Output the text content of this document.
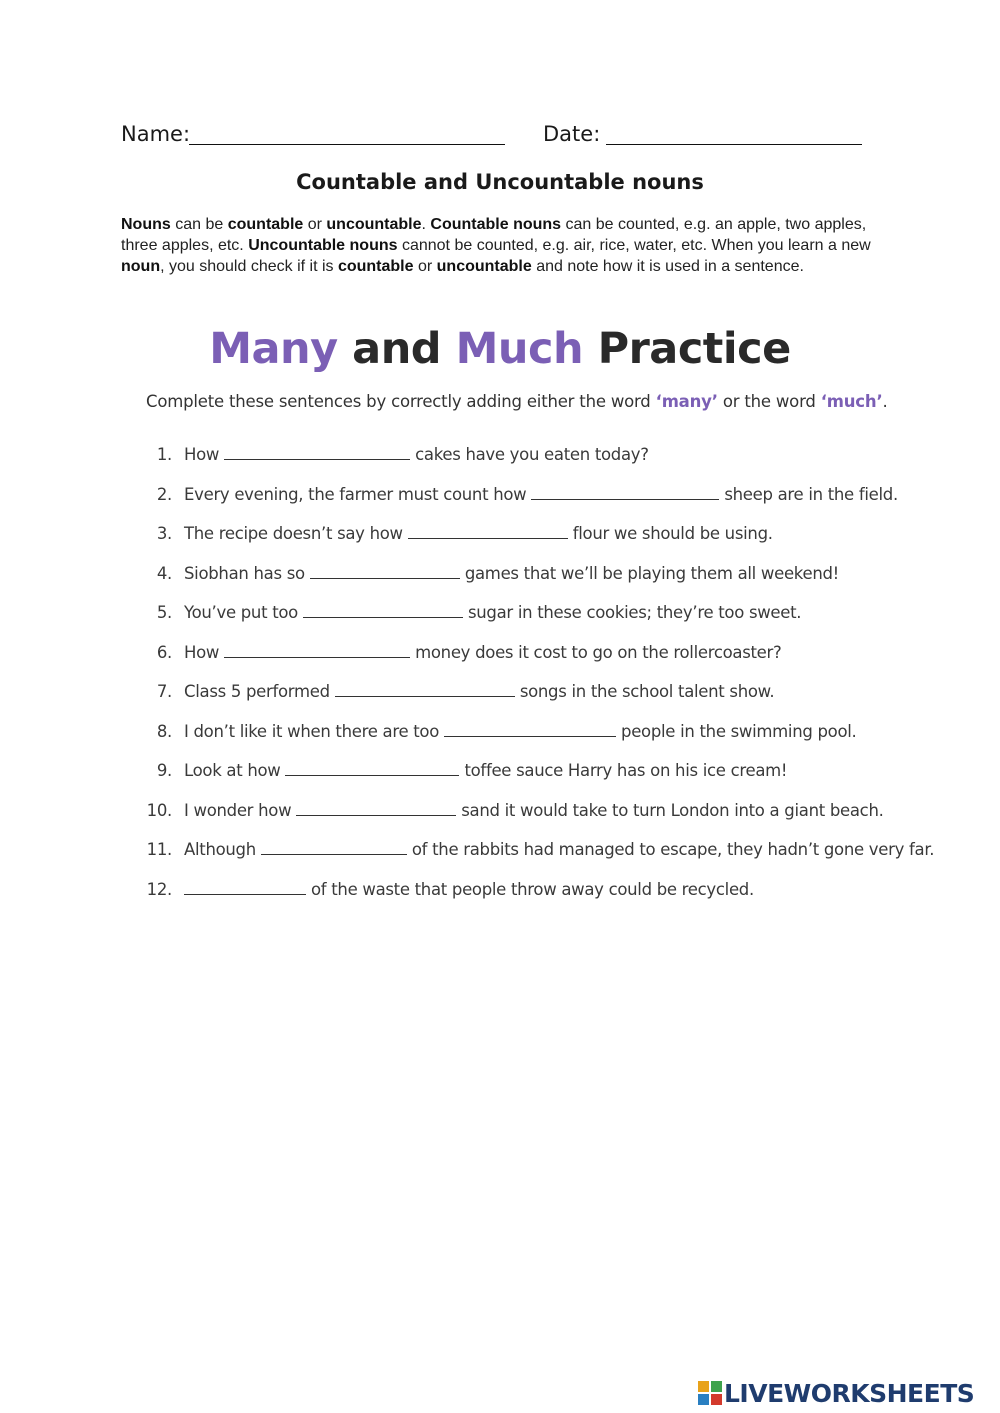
Name:	Date:
Countable and Uncountable nouns
Nouns can be countable or uncountable. Countable nouns can be counted, e.g. an apple, two apples, three apples, etc. Uncountable nouns cannot be counted, e.g. air, rice, water, etc. When you learn a new noun, you should check if it is countable or uncountable and note how it is used in a sentence.
Many and Much Practice
Complete these sentences by correctly adding either the word ‘many’ or the word ‘much’.
1. How	cakes have you eaten today?
2. Every evening, the farmer must count how	sheep are in the field.
3. The recipe doesn’t say how	flour we should be using.
4. Siobhan has so	games that we’ll be playing them all weekend!
5. You’ve put too	sugar in these cookies; they’re too sweet.
6. How	money does it cost to go on the rollercoaster?
7. Class 5 performed	songs in the school talent show.
8. I don’t like it when there are too	people in the swimming pool.
9. Look at how	toffee sauce Harry has on his ice cream!
10. I wonder how	sand it would take to turn London into a giant beach.
11. Although	of the rabbits had managed to escape, they hadn’t gone very far.
12.	of the waste that people throw away could be recycled.
LIVEWORKSHEETS
